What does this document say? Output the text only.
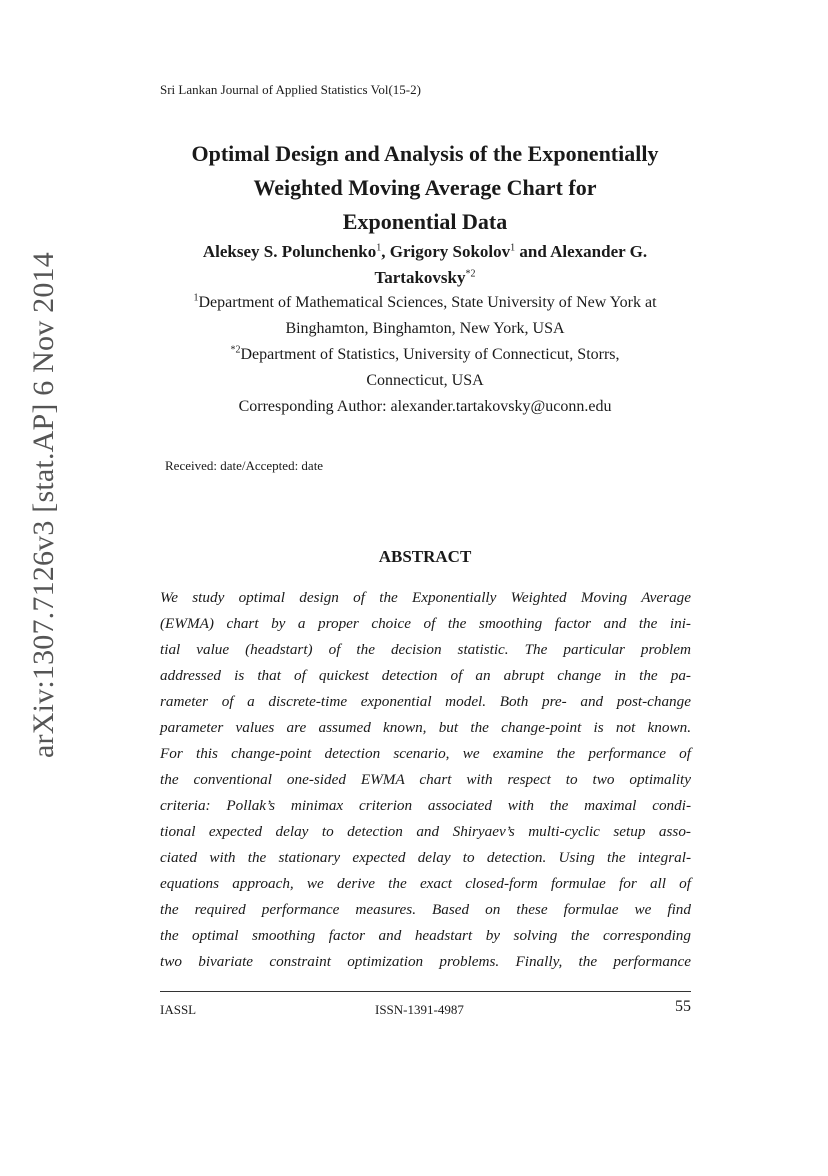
arXiv:1307.7126v3 [stat.AP] 6 Nov 2014
Sri Lankan Journal of Applied Statistics Vol(15-2)
Optimal Design and Analysis of the Exponentially
Weighted Moving Average Chart for
Exponential Data
Aleksey S. Polunchenko$^1$, Grigory Sokolov$^1$ and Alexander G.
Tartakovsky$^{*2}$
$^1$Department of Mathematical Sciences, State University of New York at
Binghamton, Binghamton, New York, USA
$^{*2}$Department of Statistics, University of Connecticut, Storrs,
Connecticut, USA
Corresponding Author: alexander.tartakovsky@uconn.edu
Received: date/Accepted: date
ABSTRACT
We study optimal design of the Exponentially Weighted Moving Average
(EWMA) chart by a proper choice of the smoothing factor and the ini-
tial value (headstart) of the decision statistic. The particular problem
addressed is that of quickest detection of an abrupt change in the pa-
rameter of a discrete-time exponential model. Both pre- and post-change
parameter values are assumed known, but the change-point is not known.
For this change-point detection scenario, we examine the performance of
the conventional one-sided EWMA chart with respect to two optimality
criteria: Pollak’s minimax criterion associated with the maximal condi-
tional expected delay to detection and Shiryaev’s multi-cyclic setup asso-
ciated with the stationary expected delay to detection. Using the integral-
equations approach, we derive the exact closed-form formulae for all of
the required performance measures. Based on these formulae we find
the optimal smoothing factor and headstart by solving the corresponding
two bivariate constraint optimization problems. Finally, the performance
IASSL	ISSN-1391-4987	55
